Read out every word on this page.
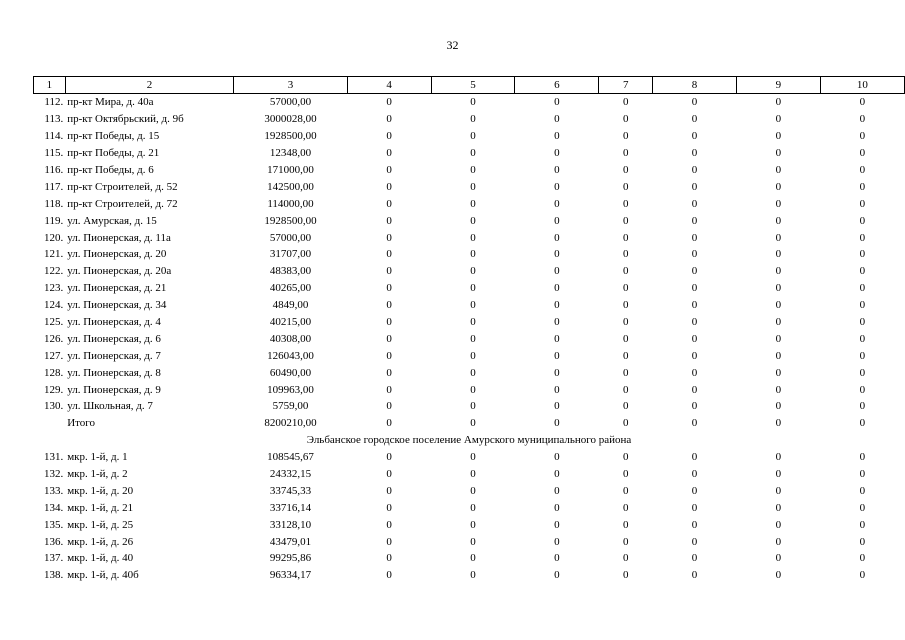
32
1	2	3	4	5	6	7	8	9	10
112.	пр-кт Мира, д. 40а	57000,00	0	0	0	0	0	0	0
113.	пр-кт Октябрьский, д. 9б	3000028,00	0	0	0	0	0	0	0
114.	пр-кт Победы, д. 15	1928500,00	0	0	0	0	0	0	0
115.	пр-кт Победы, д. 21	12348,00	0	0	0	0	0	0	0
116.	пр-кт Победы, д. 6	171000,00	0	0	0	0	0	0	0
117.	пр-кт Строителей, д. 52	142500,00	0	0	0	0	0	0	0
118.	пр-кт Строителей, д. 72	114000,00	0	0	0	0	0	0	0
119.	ул. Амурская, д. 15	1928500,00	0	0	0	0	0	0	0
120.	ул. Пионерская, д. 11а	57000,00	0	0	0	0	0	0	0
121.	ул. Пионерская, д. 20	31707,00	0	0	0	0	0	0	0
122.	ул. Пионерская, д. 20а	48383,00	0	0	0	0	0	0	0
123.	ул. Пионерская, д. 21	40265,00	0	0	0	0	0	0	0
124.	ул. Пионерская, д. 34	4849,00	0	0	0	0	0	0	0
125.	ул. Пионерская, д. 4	40215,00	0	0	0	0	0	0	0
126.	ул. Пионерская, д. 6	40308,00	0	0	0	0	0	0	0
127.	ул. Пионерская, д. 7	126043,00	0	0	0	0	0	0	0
128.	ул. Пионерская, д. 8	60490,00	0	0	0	0	0	0	0
129.	ул. Пионерская, д. 9	109963,00	0	0	0	0	0	0	0
130.	ул. Школьная, д. 7	5759,00	0	0	0	0	0	0	0
	Итого	8200210,00	0	0	0	0	0	0	0
Эльбанское городское поселение Амурского муниципального района									
131.	мкр. 1-й, д. 1	108545,67	0	0	0	0	0	0	0
132.	мкр. 1-й, д. 2	24332,15	0	0	0	0	0	0	0
133.	мкр. 1-й, д. 20	33745,33	0	0	0	0	0	0	0
134.	мкр. 1-й, д. 21	33716,14	0	0	0	0	0	0	0
135.	мкр. 1-й, д. 25	33128,10	0	0	0	0	0	0	0
136.	мкр. 1-й, д. 26	43479,01	0	0	0	0	0	0	0
137.	мкр. 1-й, д. 40	99295,86	0	0	0	0	0	0	0
138.	мкр. 1-й, д. 40б	96334,17	0	0	0	0	0	0	0
